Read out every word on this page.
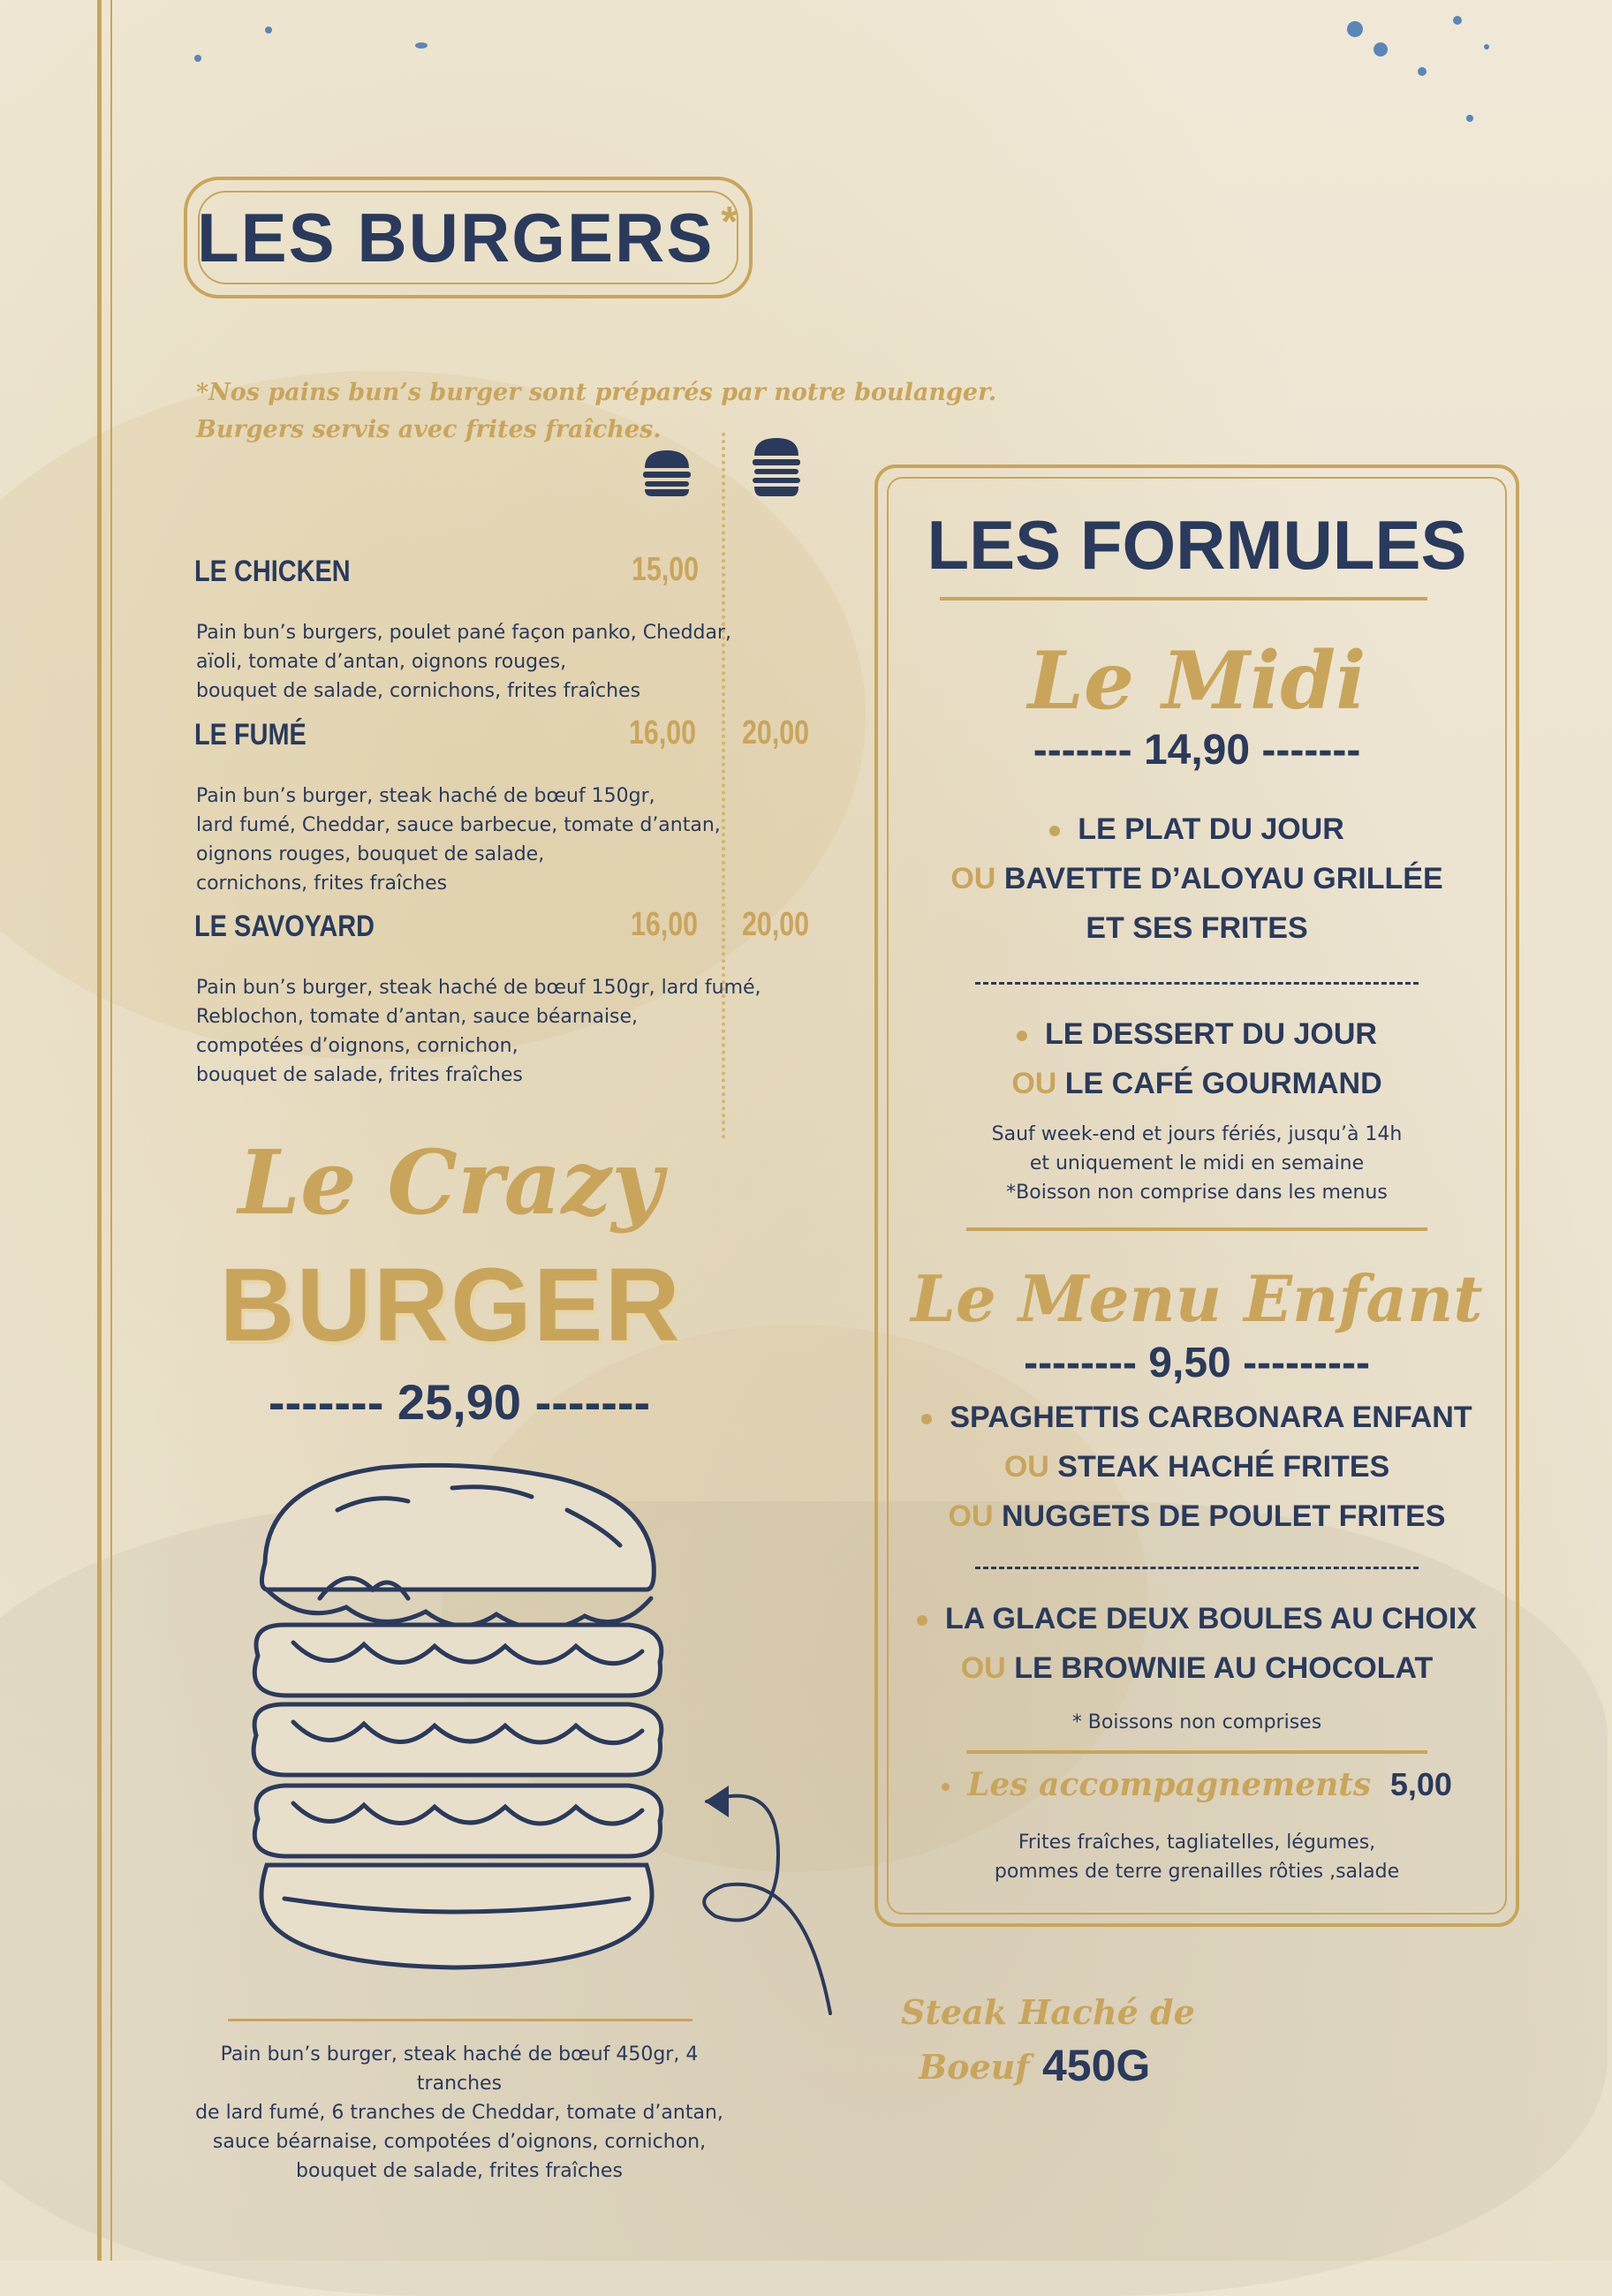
LES BURGERS *
*Nos pains bun’s burger sont préparés par notre boulanger.
Burgers servis avec frites fraîches.
LE CHICKEN	15,00
Pain bun’s burgers, poulet pané façon panko, Cheddar,
aïoli, tomate d’antan, oignons rouges,
bouquet de salade, cornichons, frites fraîches
LE FUMÉ	16,00 20,00
Pain bun’s burger, steak haché de bœuf 150gr,
lard fumé, Cheddar, sauce barbecue, tomate d’antan,
oignons rouges, bouquet de salade,
cornichons, frites fraîches
LE SAVOYARD	16,00 20,00
Pain bun’s burger, steak haché de bœuf 150gr, lard fumé,
Reblochon, tomate d’antan, sauce béarnaise,
compotées d’oignons, cornichon,
bouquet de salade, frites fraîches
Le Crazy
BURGER
------- 25,90 -------
Pain bun’s burger, steak haché de bœuf 450gr, 4 tranches
de lard fumé, 6 tranches de Cheddar, tomate d’antan,
sauce béarnaise, compotées d’oignons, cornichon,
bouquet de salade, frites fraîches
Steak Haché de
Boeuf 450G
LES FORMULES
Le Midi
------- 14,90 -------
LE PLAT DU JOUR
OU BAVETTE D’ALOYAU GRILLÉE
ET SES FRITES
LE DESSERT DU JOUR
OU LE CAFÉ GOURMAND
Sauf week-end et jours fériés, jusqu’à 14h
et uniquement le midi en semaine
*Boisson non comprise dans les menus
Le Menu Enfant
-------- 9,50 ---------
SPAGHETTIS CARBONARA ENFANT
OU STEAK HACHÉ FRITES
OU NUGGETS DE POULET FRITES
LA GLACE DEUX BOULES AU CHOIX
OU LE BROWNIE AU CHOCOLAT
* Boissons non comprises
Les accompagnements 5,00
Frites fraîches, tagliatelles, légumes,
pommes de terre grenailles rôties ,salade
